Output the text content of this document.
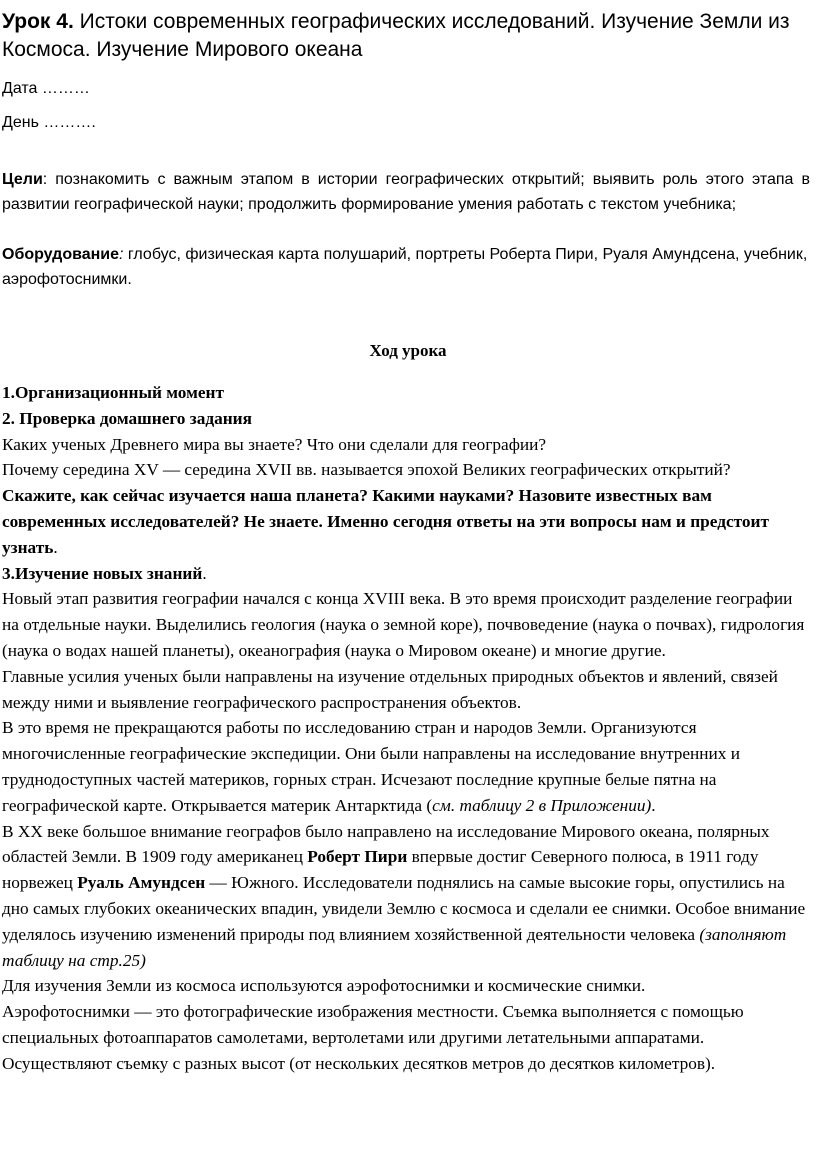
Урок 4. Истоки современных географических исследований. Изучение Земли из Космоса. Изучение Мирового океана

Дата ………
День ……….
Цели: познакомить с важным этапом в истории географических открытий; выявить роль этого этапа в развитии географической науки; продолжить формирование умения работать с текстом учебника;
Оборудование: глобус, физическая карта полушарий, портреты Роберта Пири, Руаля Амундсена, учебник, аэрофотоснимки.
Ход урока

1.Организационный момент

2. Проверка домашнего задания

Каких ученых Древнего мира вы знаете? Что они сделали для географии?

Почему середина XV — середина XVII вв. называется эпохой Великих географических открытий?

Скажите, как сейчас изучается наша планета? Какими науками? Назовите известных вам современных исследователей? Не знаете. Именно сегодня ответы на эти вопросы нам и предстоит узнать.

3.Изучение новых знаний.

Новый этап развития географии начался с конца XVIII века. В это время происходит разделение географии на отдельные науки. Выделились геология (наука о земной коре), почвоведение (наука о почвах), гидрология (наука о водах нашей планеты), океанография (наука о Мировом океане) и многие другие.

Главные усилия ученых были направлены на изучение отдельных природных объектов и явлений, связей между ними и выявление географического распространения объектов.

В это время не прекращаются работы по исследованию стран и народов Земли. Организуются многочисленные географические экспедиции. Они были направлены на исследование внутренних и труднодоступных частей материков, горных стран. Исчезают последние крупные белые пятна на географической карте. Открывается материк Антарктида (см. таблицу 2 в Приложении).

В XX веке большое внимание географов было направлено на исследование Мирового океана, полярных областей Земли. В 1909 году американец Роберт Пири впервые достиг Северного полюса, в 1911 году норвежец Руаль Амундсен — Южного. Исследователи поднялись на самые высокие горы, опустились на дно самых глубоких океанических впадин, увидели Землю с космоса и сделали ее снимки. Особое внимание уделялось изучению изменений природы под влиянием хозяйственной деятельности человека (заполняют таблицу на стр.25)

Для изучения Земли из космоса используются аэрофотоснимки и космические снимки.

Аэрофотоснимки — это фотографические изображения местности. Съемка выполняется с помощью специальных фотоаппаратов самолетами, вертолетами или другими летательными аппаратами. Осуществляют съемку с разных высот (от нескольких десятков метров до десятков километров).
